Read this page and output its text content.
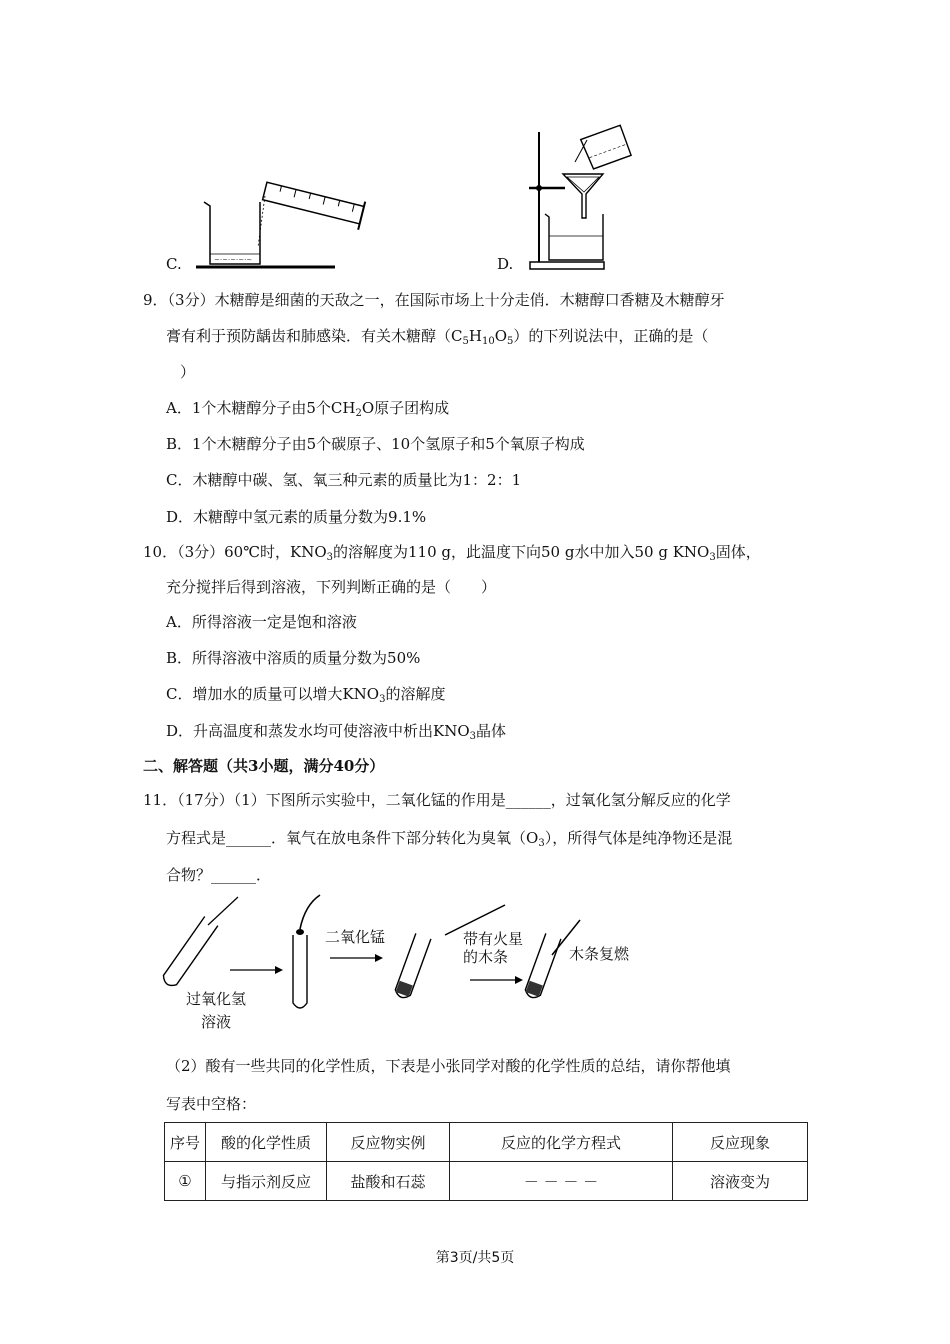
~·~·~·~·~
C.	D.
9．（3分）木糖醇是细菌的天敌之一，在国际市场上十分走俏．木糖醇口香糖及木糖醇牙
膏有利于预防龋齿和肺感染．有关木糖醇$(C_5H_{10}O_5)$的下列说法中，正确的是（
）
A．1个木糖醇分子由5个$CH_2O$原子团构成
B．1个木糖醇分子由5个碳原子、10个氢原子和5个氧原子构成
C．木糖醇中碳、氢、氧三种元素的质量比为1：2：1
D．木糖醇中氢元素的质量分数为9.1%
10．（3分）60℃时，$KNO_3$的溶解度为110 g，此温度下向50 g水中加入50 g $KNO_3$固体，
充分搅拌后得到溶液，下列判断正确的是（　　）
A．所得溶液一定是饱和溶液
B．所得溶液中溶质的质量分数为50%
C．增加水的质量可以增大$KNO_3$的溶解度
D．升高温度和蒸发水均可使溶液中析出$KNO_3$晶体
二、解答题（共3小题，满分40分）
11．（17分）（1）下图所示实验中，二氧化锰的作用是______，过氧化氢分解反应的化学
方程式是______．氧气在放电条件下部分转化为臭氧$(O_3)$，所得气体是纯净物还是混
合物？______．
过氧化氢
溶液
二氧化锰	带有火星
的木条	木条复燃
（2）酸有一些共同的化学性质，下表是小张同学对酸的化学性质的总结，请你帮他填
写表中空格：
序号	酸的化学性质	反应物实例	反应的化学方程式	反应现象
①	与指示剂反应	盐酸和石蕊	－ － － －	溶液变为
第3页/共5页
